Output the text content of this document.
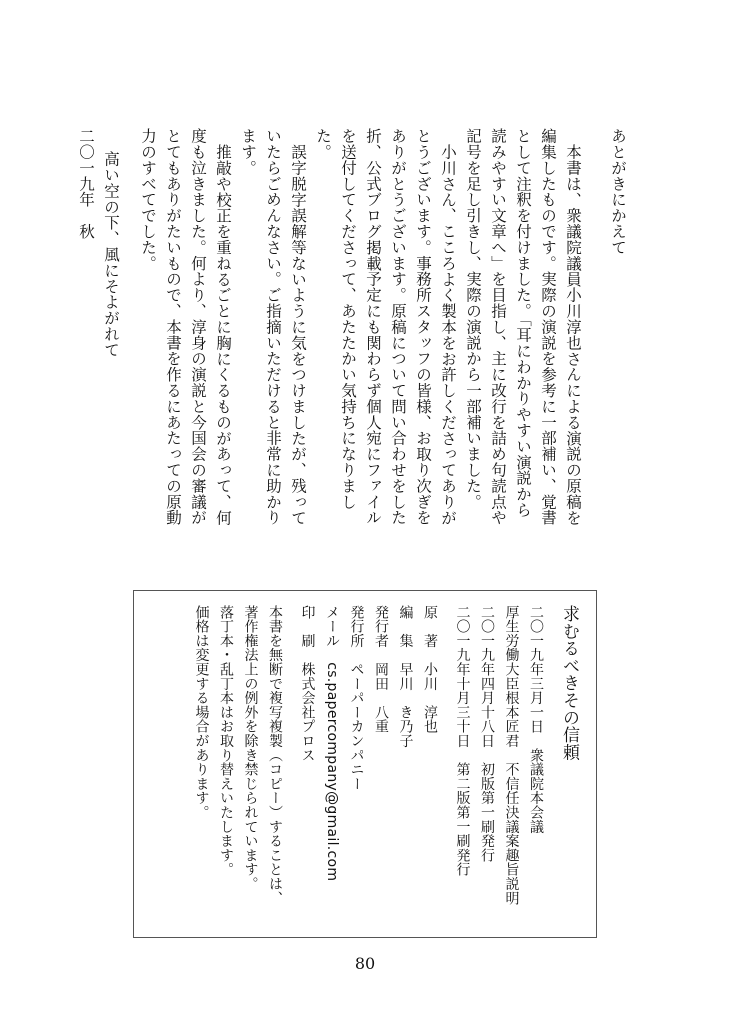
あとがきにかえて

本書は、衆議院議員小川淳也さんによる演説の原稿を編集したものです。実際の演説を参考に一部補い、覚書として注釈を付けました。「耳にわかりやすい演説から読みやすい文章へ」を目指し、主に改行を詰め句読点や記号を足し引きし、実際の演説から一部補いました。

小川さん、こころよく製本をお許しくださってありがとうございます。事務所スタッフの皆様、お取り次ぎをありがとうございます。原稿について問い合わせをした折、公式ブログ掲載予定にも関わらず個人宛にファイルを送付してくださって、あたたかい気持ちになりました。

誤字脱字誤解等ないように気をつけましたが、残っていたらごめんなさい。ご指摘いただけると非常に助かります。

推敲や校正を重ねるごとに胸にくるものがあって、何度も泣きました。何より、淳身の演説と今国会の審議がとてもありがたいもので、本書を作るにあたっての原動力のすべてでした。

高い空の下、風にそよがれて

二〇一九年　秋

求むるべきその信頼

二〇一九年三月一日　衆議院本会議

厚生労働大臣根本匠君　不信任決議案趣旨説明

二〇一九年四月十八日　初版第一刷発行

二〇一九年十月三十日　第二版第一刷発行

原　著　小川　淳也

編　集　早川　き乃子

発行者　岡田　八重

発行所　ペーパーカンパニー

メール　cs.papercompany@gmail.com

印　刷　株式会社プロス

本書を無断で複写複製（コピー）することは、

著作権法上の例外を除き禁じられています。

落丁本・乱丁本はお取り替えいたします。

価格は変更する場合があります。

80
